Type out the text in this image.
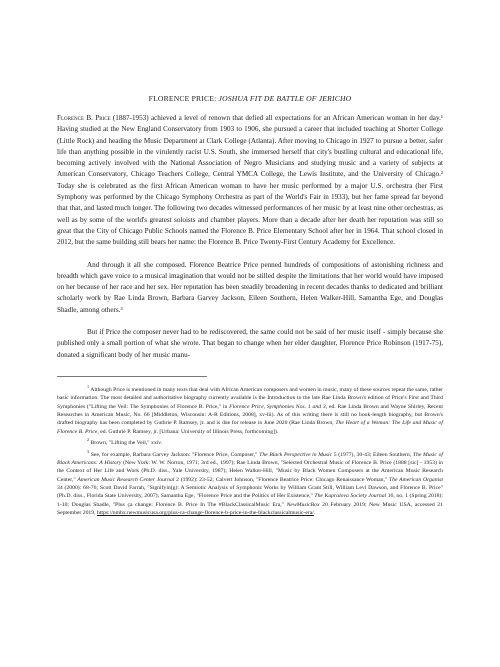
FLORENCE PRICE: JOSHUA FIT DE BATTLE OF JERICHO

Florence B. Price (1887-1953) achieved a level of renown that defied all expectations for an African American woman in her day.¹ Having studied at the New England Conservatory from 1903 to 1906, she pursued a career that included teaching at Shorter College (Little Rock) and heading the Music Department at Clark College (Atlanta). After moving to Chicago in 1927 to pursue a better, safer life than anything possible in the virulently racist U.S. South, she immersed herself that city's bustling cultural and educational life, becoming actively involved with the National Association of Negro Musicians and studying music and a variety of subjects at American Conservatory, Chicago Teachers College, Central YMCA College, the Lewis Institute, and the University of Chicago.² Today she is celebrated as the first African American woman to have her music performed by a major U.S. orchestra (her First Symphony was performed by the Chicago Symphony Orchestra as part of the World's Fair in 1933), but her fame spread far beyond that that, and lasted much longer. The following two decades witnessed performances of her music by at least nine other orchestras, as well as by some of the world's greatest soloists and chamber players. More than a decade after her death her reputation was still so great that the City of Chicago Public Schools named the Florence B. Price Elementary School after her in 1964. That school closed in 2012, but the same building still bears her name: the Florence B. Price Twenty-First Century Academy for Excellence.

And through it all she composed. Florence Beatrice Price penned hundreds of compositions of astonishing richness and breadth which gave voice to a musical imagination that would not be stilled despite the limitations that her world would have imposed on her because of her race and her sex. Her reputation has been steadily broadening in recent decades thanks to dedicated and brilliant scholarly work by Rae Linda Brown, Barbara Garvey Jackson, Eileen Southern, Helen Walker-Hill, Samantha Ege, and Douglas Shadle, among others.³

But if Price the composer never had to be rediscovered, the same could not be said of her music itself - simply because she published only a small portion of what she wrote. That began to change when her elder daughter, Florence Price Robinson (1917-75), donated a significant body of her music manu-

$^1$ Although Price is mentioned in many texts that deal with African American composers and women in music, many of these sources repeat the same, rather basic information. The most detailed and authoritative biography currently available is the Introduction to the late Rae Linda Brown's edition of Price's First and Third Symphonies ("Lifting the Veil: The Symphonies of Florence B. Price," in Florence Price, Symphonies Nos. 1 and 3, ed. Rae Linda Brown and Wayne Shirley, Recent Researches in American Music, No. 66 [Middleton, Wisconsin: A-R Editions, 2008], xv-lii). As of this writing there is still no book-length biography, but Brown's drafted biography has been completed by Guthrie P. Ramsey, jr. and is due for release in June 2020 (Rae Linda Brown, The Heart of a Woman: The Life and Music of Florence B. Price, ed. Guthrie P. Ramsey, jr. [Urbana: University of Illinois Press, forthcoming]).

$^2$ Brown, "Lifting the Veil," xxiv.

$^3$ See, for example, Barbara Garvey Jackson: "Florence Price, Composer," The Black Perspective in Music 5 (1977), 30-43; Eileen Southern, The Music of Black Americans: A History (New York: W. W. Norton, 1971; 3rd ed., 1997); Rae Linda Brown, "Selected Orchestral Music of Florence B. Price (1888 [sic] - 1953) in the Context of Her Life and Work (Ph.D. diss., Yale University, 1987); Helen Walker-Hill, "Music by Black Women Composers at the American Music Research Center," American Music Research Center Journal 2 (1992): 23-52; Calvert Johnson, "Florence Beatrice Price: Chicago Renaissance Woman," The American Organist 34 (2000): 68-76; Scott David Farrah, "Signifyin(g): A Semiotic Analysis of Symphonic Works by William Grant Still, William Levi Dawson, and Florence B. Price" (Ph.D. diss., Florida State University, 2007); Samantha Ege, "Florence Price and the Politics of Her Existence," The Kapralova Society Journal 16, no. 1 (Spring 2018): 1-10; Douglas Shadle, "Plus ça change: Florence B. Price In The #BlackClassicalMusic Era," NewMusicBox 20 February 2019; New Music USA, accessed 21 September 2019, https://nmbx.newmusicusa.org/plus-ca-change-florence-b-price-in-the-blackclassicalmusic-era/.
